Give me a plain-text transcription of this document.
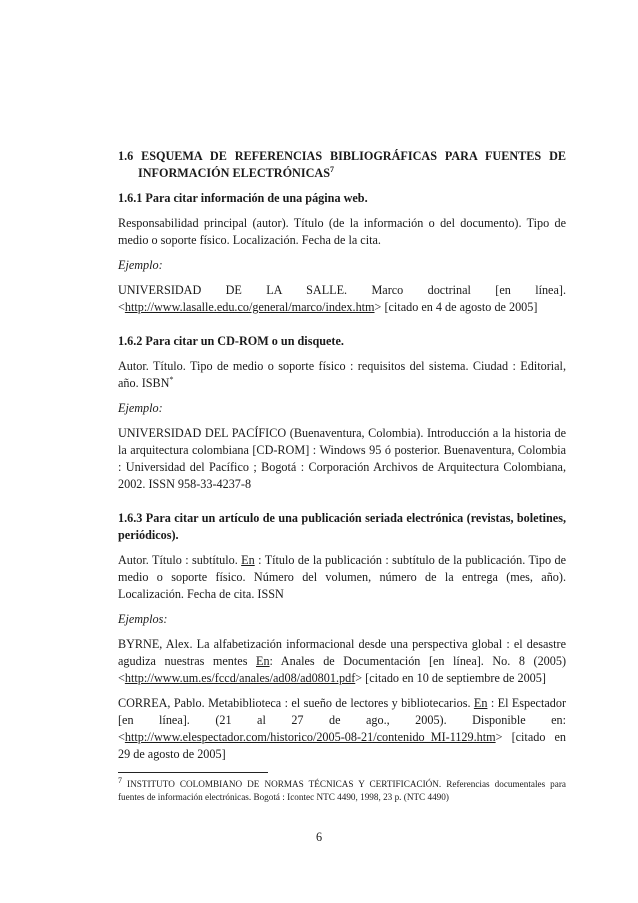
1.6 ESQUEMA DE REFERENCIAS BIBLIOGRÁFICAS PARA FUENTES DE

INFORMACIÓN ELECTRÓNICAS$^7$

1.6.1 Para citar información de una página web.

Responsabilidad principal (autor). Título (de la información o del documento). Tipo de medio o soporte físico. Localización. Fecha de la cita.

Ejemplo:

UNIVERSIDAD DE LA SALLE. Marco doctrinal [en línea].

<http://www.lasalle.edu.co/general/marco/index.htm> [citado en 4 de agosto de 2005]

1.6.2 Para citar un CD-ROM o un disquete.

Autor. Título. Tipo de medio o soporte físico : requisitos del sistema. Ciudad : Editorial, año. ISBN*

Ejemplo:

UNIVERSIDAD DEL PACÍFICO (Buenaventura, Colombia). Introducción a la historia de la arquitectura colombiana [CD-ROM] : Windows 95 ó posterior. Buenaventura, Colombia : Universidad del Pacífico ; Bogotá : Corporación Archivos de Arquitectura Colombiana, 2002. ISSN 958-33-4237-8

1.6.3 Para citar un artículo de una publicación seriada electrónica (revistas, boletines, periódicos).

Autor. Título : subtítulo. En : Título de la publicación : subtítulo de la publicación. Tipo de medio o soporte físico. Número del volumen, número de la entrega (mes, año). Localización. Fecha de cita. ISSN

Ejemplos:

BYRNE, Alex. La alfabetización informacional desde una perspectiva global : el desastre agudiza nuestras mentes En: Anales de Documentación [en línea]. No. 8 (2005) <http://www.um.es/fccd/anales/ad08/ad0801.pdf> [citado en 10 de septiembre de 2005]

CORREA, Pablo. Metabiblioteca : el sueño de lectores y bibliotecarios. En : El Espectador [en línea]. (21 al 27 de ago., 2005). Disponible en: <http://www.elespectador.com/historico/2005-08-21/contenido_MI-1129.htm> [citado en 29 de agosto de 2005]

$^7$ INSTITUTO COLOMBIANO DE NORMAS TÉCNICAS Y CERTIFICACIÓN. Referencias documentales para fuentes de información electrónicas. Bogotá : Icontec NTC 4490, 1998, 23 p. (NTC 4490)

6
